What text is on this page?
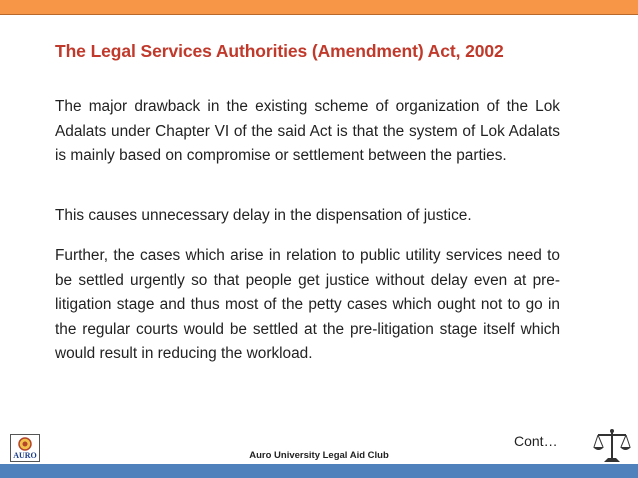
The Legal Services Authorities (Amendment) Act, 2002

The major drawback in the existing scheme of organization of the Lok Adalats under Chapter VI of the said Act is that the system of Lok Adalats is mainly based on compromise or settlement between the parties.

This causes unnecessary delay in the dispensation of justice.

Further, the cases which arise in relation to public utility services need to be settled urgently so that people get justice without delay even at pre-litigation stage and thus most of the petty cases which ought not to go in the regular courts would be settled at the pre-litigation stage itself which would result in reducing the workload.

Cont…
AURO	Auro University Legal Aid Club
